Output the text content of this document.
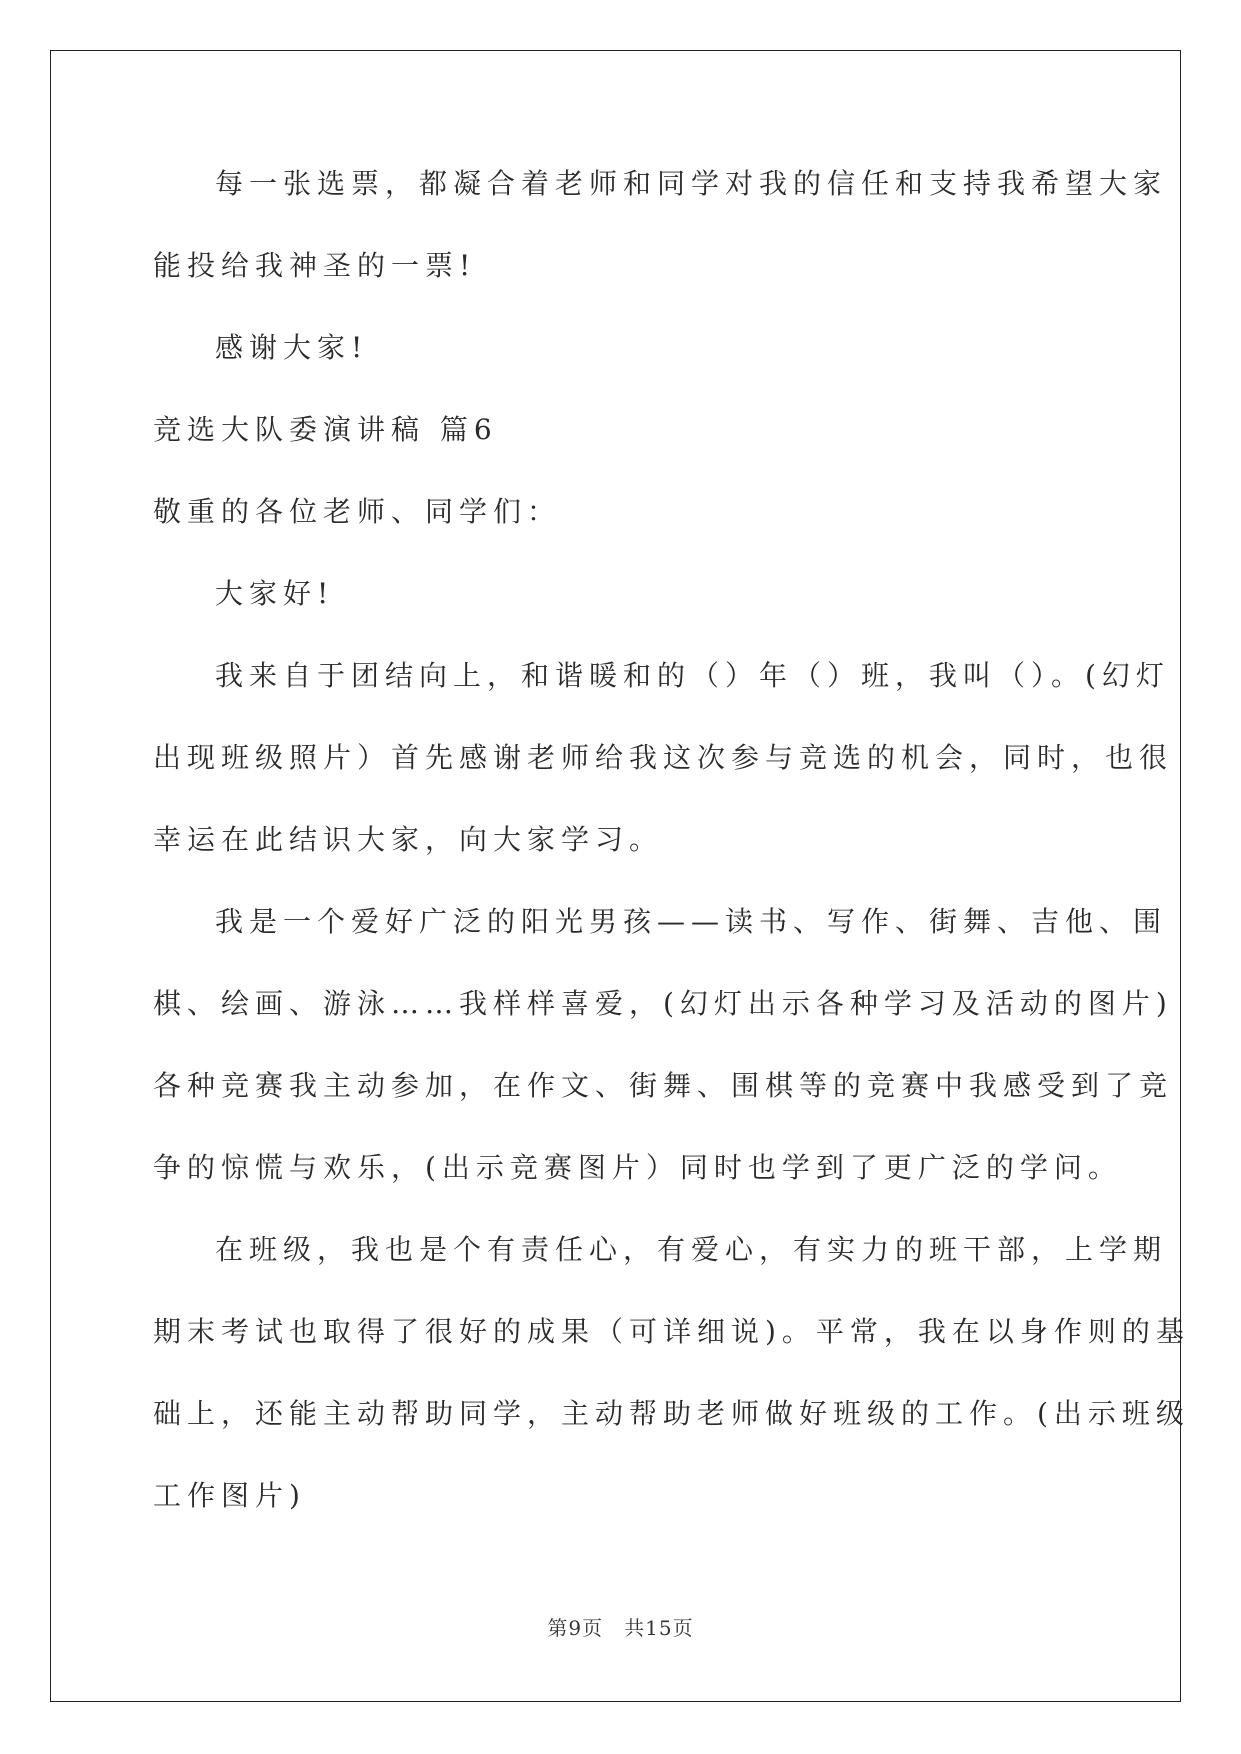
每一张选票，都凝合着老师和同学对我的信任和支持我希望大家
能投给我神圣的一票!
感谢大家!
竞选大队委演讲稿 篇6
敬重的各位老师、同学们：
大家好!
我来自于团结向上，和谐暖和的（）年（）班，我叫（）。(幻灯
出现班级照片）首先感谢老师给我这次参与竞选的机会，同时，也很
幸运在此结识大家，向大家学习。
我是一个爱好广泛的阳光男孩——读书、写作、街舞、吉他、围
棋、绘画、游泳……我样样喜爱，(幻灯出示各种学习及活动的图片)
各种竞赛我主动参加，在作文、街舞、围棋等的竞赛中我感受到了竞
争的惊慌与欢乐，(出示竞赛图片）同时也学到了更广泛的学问。
在班级，我也是个有责任心，有爱心，有实力的班干部，上学期
期末考试也取得了很好的成果（可详细说)。平常，我在以身作则的基
础上，还能主动帮助同学，主动帮助老师做好班级的工作。(出示班级
工作图片)
第9页　共15页
